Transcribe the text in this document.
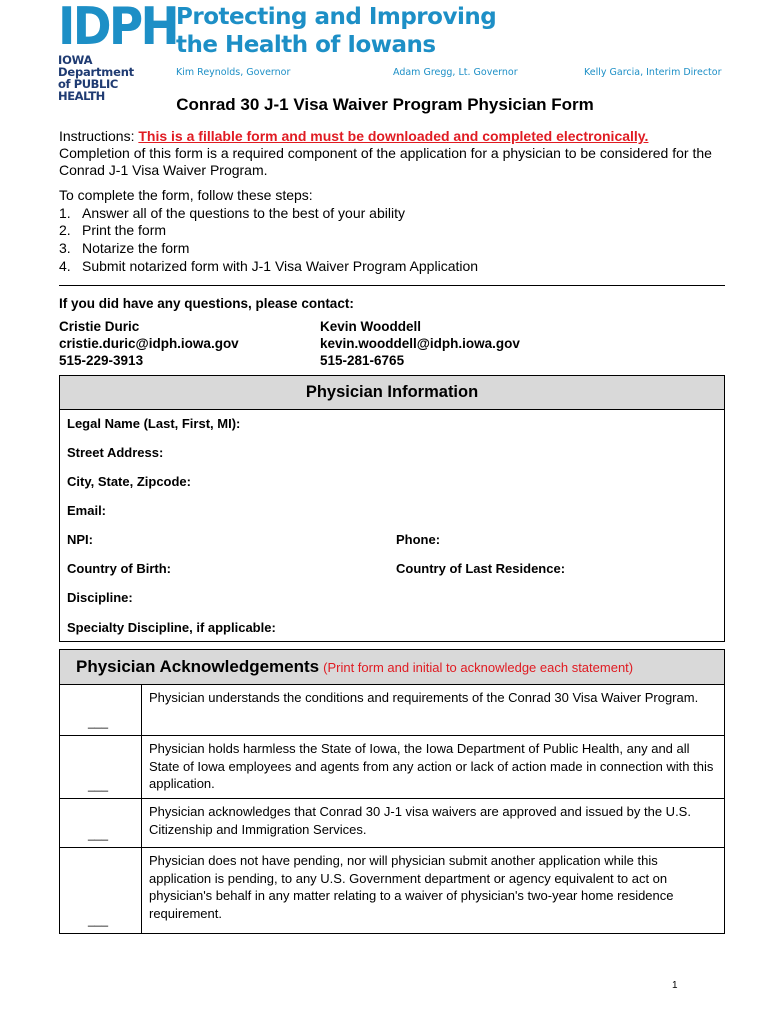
IDPH
IOWA Department
of PUBLIC HEALTH
Protecting and Improving
the Health of Iowans
Kim Reynolds, Governor	Adam Gregg, Lt. Governor	Kelly Garcia, Interim Director
Conrad 30 J-1 Visa Waiver Program Physician Form
Instructions: This is a fillable form and must be downloaded and completed electronically.
Completion of this form is a required component of the application for a physician to be considered for the Conrad J-1 Visa Waiver Program.
To complete the form, follow these steps:
1. Answer all of the questions to the best of your ability
2. Print the form
3. Notarize the form
4. Submit notarized form with J-1 Visa Waiver Program Application
If you did have any questions, please contact:
Cristie Duric
cristie.duric@idph.iowa.gov
515-229-3913
Kevin Wooddell
kevin.wooddell@idph.iowa.gov
515-281-6765
Physician Information
Legal Name (Last, First, MI):
Street Address:
City, State, Zipcode:
Email:
NPI:	Phone:
Country of Birth:	Country of Last Residence:
Discipline:
Specialty Discipline, if applicable:
Physician Acknowledgements (Print form and initial to acknowledge each statement)
___
Physician understands the conditions and requirements of the Conrad 30 Visa Waiver Program.
___
Physician holds harmless the State of Iowa, the Iowa Department of Public Health, any and all State of Iowa employees and agents from any action or lack of action made in connection with this application.
___
Physician acknowledges that Conrad 30 J-1 visa waivers are approved and issued by the U.S. Citizenship and Immigration Services.
___
Physician does not have pending, nor will physician submit another application while this application is pending, to any U.S. Government department or agency equivalent to act on physician's behalf in any matter relating to a waiver of physician's two-year home residence requirement.
1
